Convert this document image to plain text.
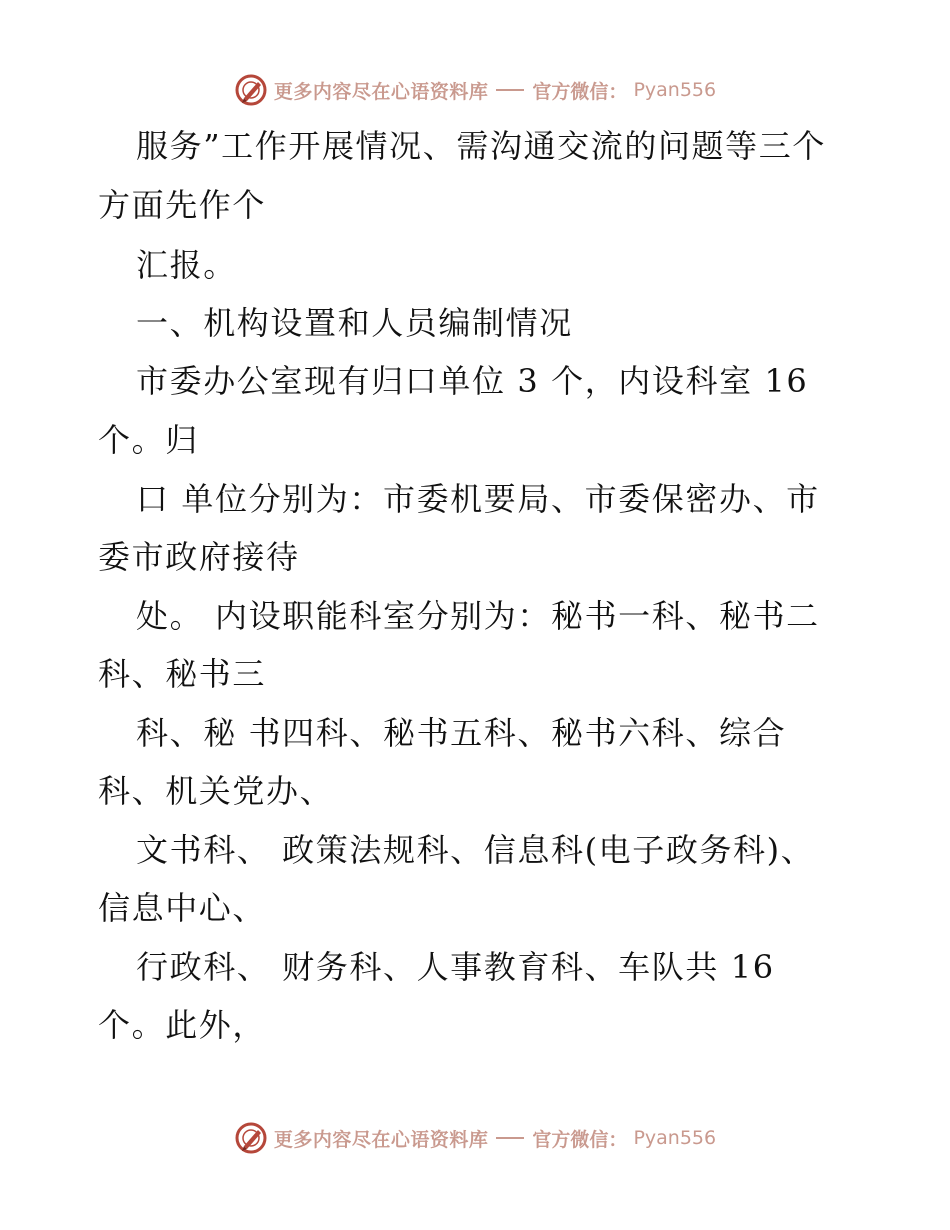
更多内容尽在心语资料库 官方微信： Pyan556
服务”工作开展情况、需沟通交流的问题等三个
方面先作个
汇报。
一、机构设置和人员编制情况
市委办公室现有归口单位 3 个，内设科室 16
个。归
口 单位分别为：市委机要局、市委保密办、市
委市政府接待
处。 内设职能科室分别为：秘书一科、秘书二
科、秘书三
科、秘 书四科、秘书五科、秘书六科、综合
科、机关党办、
文书科、 政策法规科、信息科(电子政务科)、
信息中心、
行政科、 财务科、人事教育科、车队共 16
个。此外，
更多内容尽在心语资料库 官方微信： Pyan556
